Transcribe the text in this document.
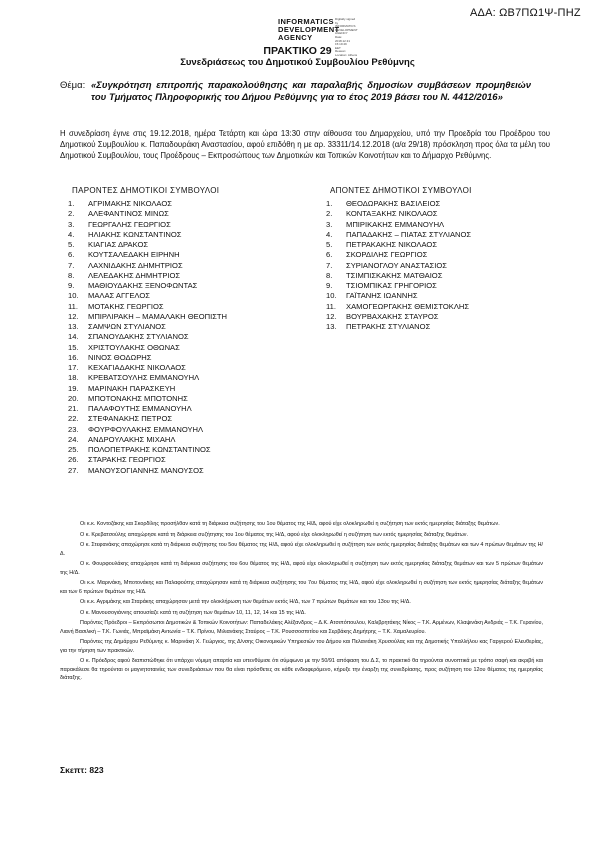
ΑΔΑ: ΩΒ7ΠΩ1Ψ-ΠΗΖ
INFORMATICS
DEVELOPMENT
AGENCY
Digitally signed by
INFORMATICS
DEVELOPMENT AGENCY
Date: 2018.12.31 15:19:49
EET
Reason:
Location: Athens
ΠΡΑΚΤΙΚΟ 29
Συνεδριάσεως του Δημοτικού Συμβουλίου Ρεθύμνης
Θέμα: «Συγκρότηση επιτροπής παρακολούθησης και παραλαβής δημοσίων συμβάσεων προμηθειών του Τμήματος Πληροφορικής του Δήμου Ρεθύμνης για το έτος 2019 βάσει του Ν. 4412/2016»
Η συνεδρίαση έγινε στις 19.12.2018, ημέρα Τετάρτη και ώρα 13:30 στην αίθουσα του Δημαρχείου, υπό την Προεδρία του Προέδρου του Δημοτικού Συμβουλίου κ. Παπαδουράκη Αναστασίου, αφού επιδόθη η με αρ. 33311/14.12.2018 (α/α 29/18) πρόσκληση προς όλα τα μέλη του Δημοτικού Συμβουλίου, τους Προέδρους – Εκπροσώπους των Δημοτικών και Τοπικών Κοινοτήτων και το Δήμαρχο Ρεθύμνης.
ΠΑΡΟΝΤΕΣ ΔΗΜΟΤΙΚΟΙ ΣΥΜΒΟΥΛΟΙ	ΑΠΟΝΤΕΣ ΔΗΜΟΤΙΚΟΙ ΣΥΜΒΟΥΛΟΙ
1. ΑΓΡΙΜΑΚΗΣ ΝΙΚΟΛΑΟΣ
2. ΑΛΕΦΑΝΤΙΝΟΣ ΜΙΝΩΣ
3. ΓΕΩΡΓΑΛΗΣ ΓΕΩΡΓΙΟΣ
4. ΗΛΙΑΚΗΣ ΚΩΝΣΤΑΝΤΙΝΟΣ
5. ΚΙΑΓΙΑΣ ΔΡΑΚΟΣ
6. ΚΟΥΤΣΑΛΕΔΑΚΗ ΕΙΡΗΝΗ
7. ΛΑΧΝΙΔΑΚΗΣ ΔΗΜΗΤΡΙΟΣ
8. ΛΕΛΕΔΑΚΗΣ ΔΗΜΗΤΡΙΟΣ
9. ΜΑΘΙΟΥΔΑΚΗΣ ΞΕΝΟΦΩΝΤΑΣ
10. ΜΑΛΑΣ ΑΓΓΕΛΟΣ
11. ΜΟΤΑΚΗΣ ΓΕΩΡΓΙΟΣ
12. ΜΠΙΡΛΙΡΑΚΗ – ΜΑΜΑΛΑΚΗ ΘΕΟΠΙΣΤΗ
13. ΣΑΜΨΩΝ ΣΤΥΛΙΑΝΟΣ
14. ΣΠΑΝΟΥΔΑΚΗΣ ΣΤΥΛΙΑΝΟΣ
15. ΧΡΙΣΤΟΥΛΑΚΗΣ ΟΘΩΝΑΣ
16. ΝΙΝΟΣ ΘΟΔΩΡΗΣ
17. ΚΕΧΑΓΙΑΔΑΚΗΣ ΝΙΚΟΛΑΟΣ
18. ΚΡΕΒΑΤΣΟΥΛΗΣ ΕΜΜΑΝΟΥΗΛ
19. ΜΑΡΙΝΑΚΗ ΠΑΡΑΣΚΕΥΗ
20. ΜΠΟΤΟΝΑΚΗΣ ΜΠΟΤΟΝΗΣ
21. ΠΑΛΑΦΟΥΤΗΣ ΕΜΜΑΝΟΥΗΛ
22. ΣΤΕΦΑΝΑΚΗΣ ΠΕΤΡΟΣ
23. ΦΟΥΡΦΟΥΛΑΚΗΣ ΕΜΜΑΝΟΥΗΛ
24. ΑΝΔΡΟΥΛΑΚΗΣ ΜΙΧΑΗΛ
25. ΠΟΛΟΠΕΤΡΑΚΗΣ ΚΩΝΣΤΑΝΤΙΝΟΣ
26. ΣΤΑΡΑΚΗΣ ΓΕΩΡΓΙΟΣ
27. ΜΑΝΟΥΣΟΓΙΑΝΝΗΣ ΜΑΝΟΥΣΟΣ
1. ΘΕΟΔΩΡΑΚΗΣ ΒΑΣΙΛΕΙΟΣ
2. ΚΟΝΤΑΞΑΚΗΣ ΝΙΚΟΛΑΟΣ
3. ΜΠΙΡΙΚΑΚΗΣ ΕΜΜΑΝΟΥΗΛ
4. ΠΑΠΑΔΑΚΗΣ – ΠΙΑΤΑΣ ΣΤΥΛΙΑΝΟΣ
5. ΠΕΤΡΑΚΑΚΗΣ ΝΙΚΟΛΑΟΣ
6. ΣΚΟΡΔΙΛΗΣ ΓΕΩΡΓΙΟΣ
7. ΣΥΡΙΑΝΟΓΛΟΥ ΑΝΑΣΤΑΣΙΟΣ
8. ΤΣΙΜΠΙΣΚΑΚΗΣ ΜΑΤΘΑΙΟΣ
9. ΤΣΙΟΜΠΙΚΑΣ ΓΡΗΓΟΡΙΟΣ
10. ΓΑΪΤΑΝΗΣ ΙΩΑΝΝΗΣ
11. ΧΑΜΟΓΕΩΡΓΑΚΗΣ ΘΕΜΙΣΤΟΚΛΗΣ
12. ΒΟΥΡΒΑΧΑΚΗΣ ΣΤΑΥΡΟΣ
13. ΠΕΤΡΑΚΗΣ ΣΤΥΛΙΑΝΟΣ

Οι κ.κ. Κοντοζάκης και Σκορδίλης προσήλθαν κατά τη διάρκεια συζήτησης του 1ου θέματος της Η/Δ, αφού είχε ολοκληρωθεί η συζήτηση των εκτός ημερησίας διάταξης θεμάτων.

Ο κ. Κρεβατσούλης απαχώρησε κατά τη διάρκεια συζήτησης του 1ου θέματος της Η/Δ, αφού είχε ολοκληρωθεί η συζήτηση των εκτός ημερησίας διάταξης θεμάτων.

Ο κ. Στεφανάκης απαχώρησε κατά τη διάρκεια συζήτησης του 5ου θέματος της Η/Δ, αφού είχε ολοκληρωθεί η συζήτηση των εκτός ημερησίας διάταξης θεμάτων και των 4 πρώτων θεμάτων της Η/Δ.

Ο κ. Φουρφουλάκης απαχώρησε κατά τη διάρκεια συζήτησης του 6ου θέματος της Η/Δ, αφού είχε ολοκληρωθεί η συζήτηση των εκτός ημερησίας διάταξης θεμάτων και των 5 πρώτων θεμάτων της Η/Δ.

Οι κ.κ. Μαρινάκη, Μποτονάκης και Παλαφούτης απαχώρησαν κατά τη διάρκεια συζήτησης του 7ου θέματος της Η/Δ, αφού είχε ολοκληρωθεί η συζήτηση των εκτός ημερησίας διάταξης θεμάτων και των 6 πρώτων θεμάτων της Η/Δ.

Οι κ.κ. Αγριμάκης και Σταράκης απαχώρησαν μετά την ολοκλήρωση των θεμάτων εκτός Η/Δ, των 7 πρώτων θεμάτων και του 13ου της Η/Δ.

Ο κ. Μανουσογιάννης απουσίαζε κατά τη συζήτηση των θεμάτων 10, 11, 12, 14 και 15 της Η/Δ.

Παρόντες Πρόεδροι – Εκπρόσωποι Δημοτικών & Τοπικών Κοινοτήτων: Παπαδελάκης Αλέξανδρος – Δ.Κ. Ατσιπόπουλου, Καλιβρητάκης Νίκος – Τ.Κ. Αρμένων, Κλαψινάκη Ανδριάς – Τ.Κ. Γερανίου, Λιανή Βασιλική – Τ.Κ. Γωνιάς, Μπραϊμάκη Αντωνία – Τ.Κ. Πρίνου, Μιλιανάκης Σταύρος – Τ.Κ. Ρουσσοσπιτίου και Σερβάκης Δημήτρης – Τ.Κ. Χαμαλευρίου.

Παρόντες της Δημάρχου Ρεθύμνης κ. Μαρινάκη Χ. Γεώργιος, της Δ/νσης Οικονομικών Υπηρεσιών του Δήμου και Πελανιάκη Χρυσούλας και της Δημοτικής Υπαλλήλου κας Γαργερού Ελευθερίας, για την τήρηση των πρακτικών.

Ο κ. Πρόεδρος αφού διαπιστώθηκε ότι υπάρχει νόμιμη απαρτία και υπενθύμισε ότι σύμφωνα με την 50/91 απόφαση του Δ.Σ, το πρακτικό θα τηρούνται συνοπτικά με τρόπο σαφή και ακριβή και παρακάλεσε θα τηρούνται οι μαγνητοταινίες των συνεδριάσεων που θα είναι πρόσθετες σε κάθε ενδιαφερόμενο, κήρυξε την έναρξη της συνεδρίασης, προς συζήτηση του 12ου θέματος της ημερησίας διάταξης.

Σκεπτ: 823
